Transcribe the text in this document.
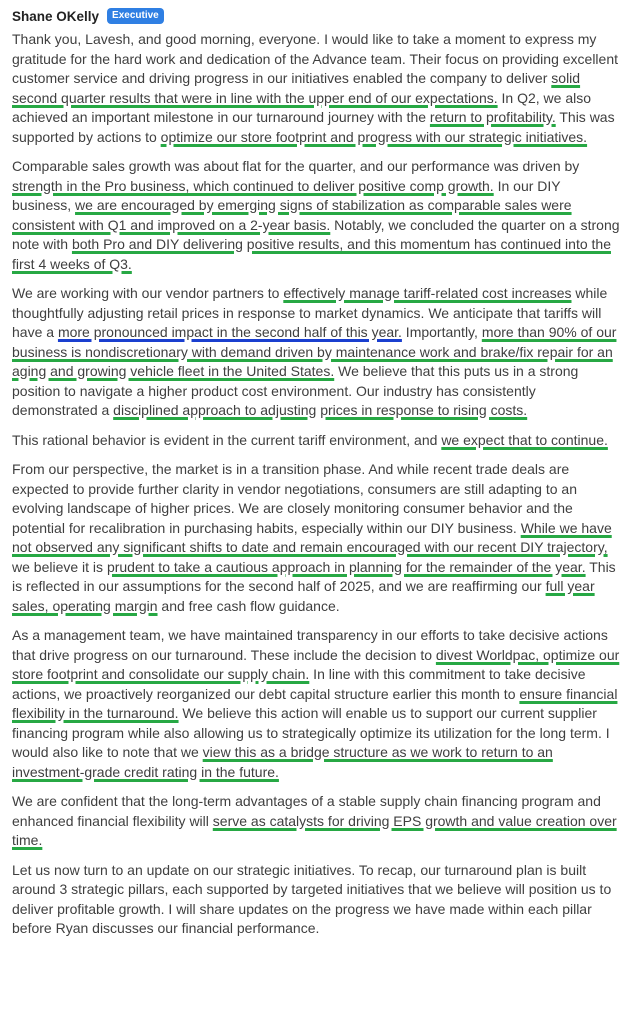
Shane OKelly	Executive

Thank you, Lavesh, and good morning, everyone. I would like to take a moment to express my gratitude for the hard work and dedication of the Advance team. Their focus on providing excellent customer service and driving progress in our initiatives enabled the company to deliver solid second quarter results that were in line with the upper end of our expectations. In Q2, we also achieved an important milestone in our turnaround journey with the return to profitability. This was supported by actions to optimize our store footprint and progress with our strategic initiatives.

Comparable sales growth was about flat for the quarter, and our performance was driven by strength in the Pro business, which continued to deliver positive comp growth. In our DIY business, we are encouraged by emerging signs of stabilization as comparable sales were consistent with Q1 and improved on a 2-year basis. Notably, we concluded the quarter on a strong note with both Pro and DIY delivering positive results, and this momentum has continued into the first 4 weeks of Q3.

We are working with our vendor partners to effectively manage tariff-related cost increases while thoughtfully adjusting retail prices in response to market dynamics. We anticipate that tariffs will have a more pronounced impact in the second half of this year. Importantly, more than 90% of our business is nondiscretionary with demand driven by maintenance work and brake/fix repair for an aging and growing vehicle fleet in the United States. We believe that this puts us in a strong position to navigate a higher product cost environment. Our industry has consistently demonstrated a disciplined approach to adjusting prices in response to rising costs.

This rational behavior is evident in the current tariff environment, and we expect that to continue.

From our perspective, the market is in a transition phase. And while recent trade deals are expected to provide further clarity in vendor negotiations, consumers are still adapting to an evolving landscape of higher prices. We are closely monitoring consumer behavior and the potential for recalibration in purchasing habits, especially within our DIY business. While we have not observed any significant shifts to date and remain encouraged with our recent DIY trajectory, we believe it is prudent to take a cautious approach in planning for the remainder of the year. This is reflected in our assumptions for the second half of 2025, and we are reaffirming our full year sales, operating margin and free cash flow guidance.

As a management team, we have maintained transparency in our efforts to take decisive actions that drive progress on our turnaround. These include the decision to divest Worldpac, optimize our store footprint and consolidate our supply chain. In line with this commitment to take decisive actions, we proactively reorganized our debt capital structure earlier this month to ensure financial flexibility in the turnaround. We believe this action will enable us to support our current supplier financing program while also allowing us to strategically optimize its utilization for the long term. I would also like to note that we view this as a bridge structure as we work to return to an investment-grade credit rating in the future.

We are confident that the long-term advantages of a stable supply chain financing program and enhanced financial flexibility will serve as catalysts for driving EPS growth and value creation over time.

Let us now turn to an update on our strategic initiatives. To recap, our turnaround plan is built around 3 strategic pillars, each supported by targeted initiatives that we believe will position us to deliver profitable growth. I will share updates on the progress we have made within each pillar before Ryan discusses our financial performance.
